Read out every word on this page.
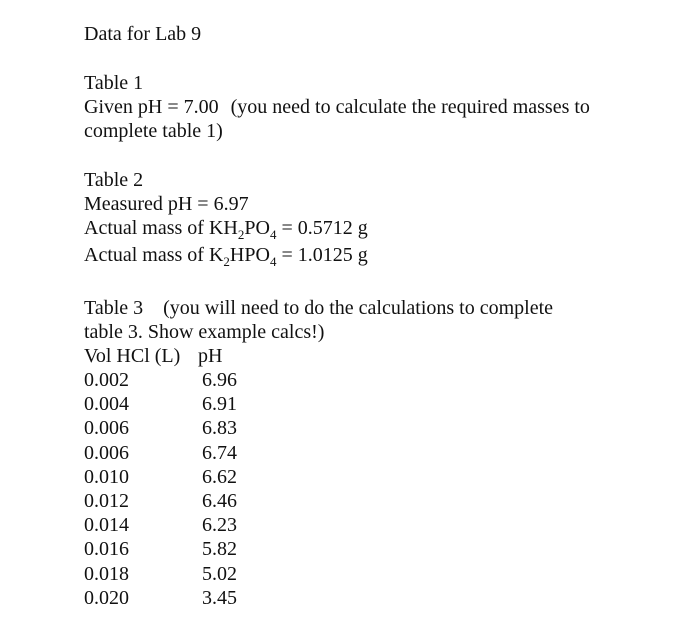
Data for Lab 9
Table 1
Given pH = 7.00 (you need to calculate the required masses to
complete table 1)
Table 2
Measured pH = 6.97
Actual mass of $KH_2PO_4 = 0.5712$ g
Actual mass of $K_2HPO_4 = 1.0125$ g
Table 3 (you will need to do the calculations to complete
table 3. Show example calcs!)
Vol HCl (L) pH
0.002	6.96
0.004	6.91
0.006	6.83
0.006	6.74
0.010	6.62
0.012	6.46
0.014	6.23
0.016	5.82
0.018	5.02
0.020	3.45
